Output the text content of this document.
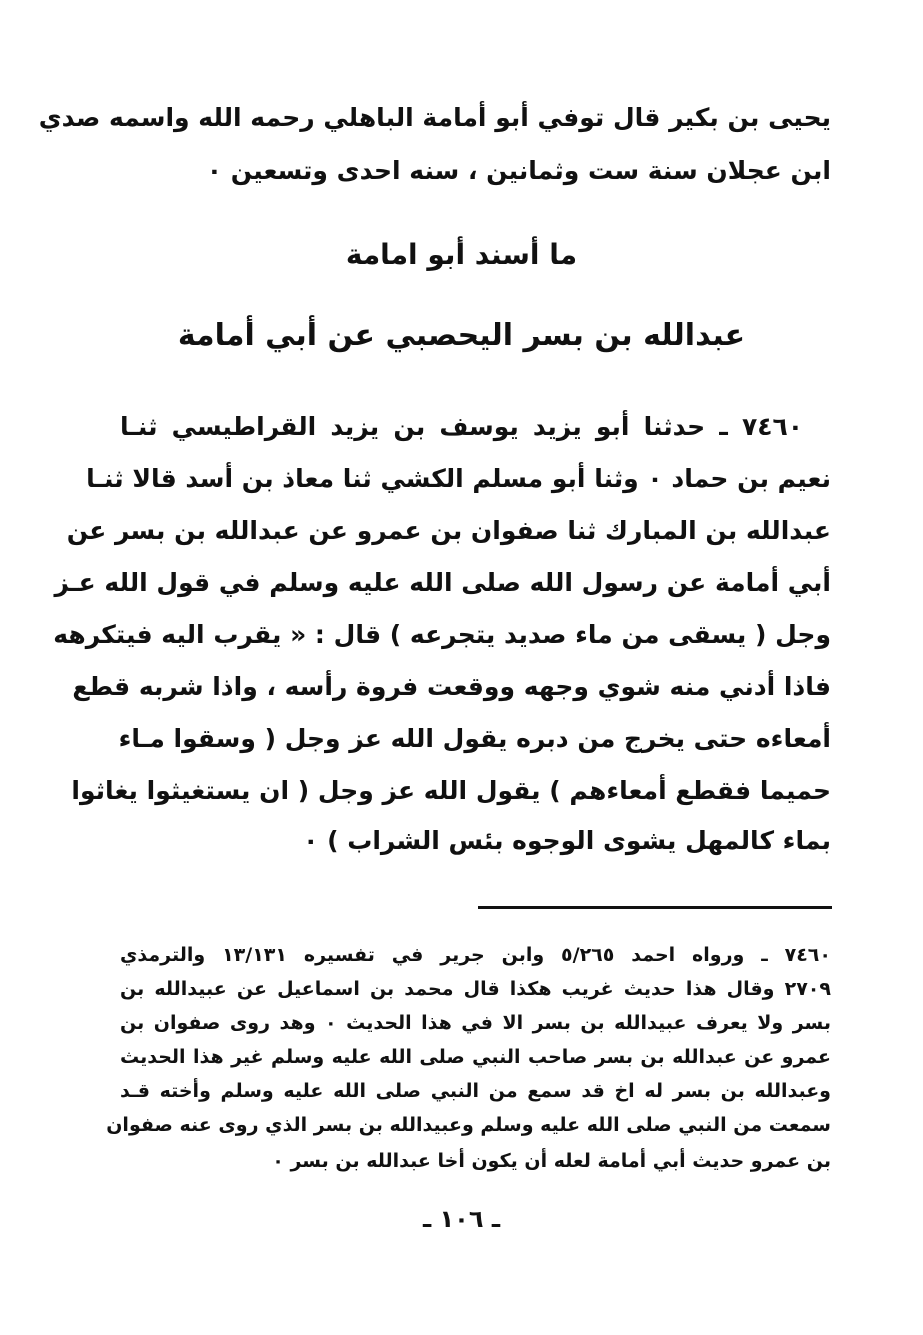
يحيى بن بكير قال توفي أبو أمامة الباهلي رحمه الله واسمه صدي
ابن عجلان سنة ست وثمانين ، سنه احدى وتسعين ٠
ما أسند أبو امامة
عبدالله بن بسر اليحصبي عن أبي أمامة
٧٤٦٠ ـ حدثنا أبو يزيد يوسف بن يزيد القراطيسي ثنـا
نعيم بن حماد ٠ وثنا أبو مسلم الكشي ثنا معاذ بن أسد قالا ثنـا
عبدالله بن المبارك ثنا صفوان بن عمرو عن عبدالله بن بسر عن
أبي أمامة عن رسول الله صلى الله عليه وسلم في قول الله عـز
وجل ( يسقى من ماء صديد يتجرعه ) قال : « يقرب اليه فيتكرهه
فاذا أدني منه شوي وجهه ووقعت فروة رأسه ، واذا شربه قطع
أمعاءه حتى يخرج من دبره يقول الله عز وجل ( وسقوا مـاء
حميما فقطع أمعاءهم ) يقول الله عز وجل ( ان يستغيثوا يغاثوا
بماء كالمهل يشوى الوجوه بئس الشراب ) ٠
٧٤٦٠ ـ ورواه احمد ٥/٢٦٥ وابن جرير في تفسيره ١٣/١٣١ والترمذي
٢٧٠٩ وقال هذا حديث غريب هكذا قال محمد بن اسماعيل عن عبيدالله بن
بسر ولا يعرف عبيدالله بن بسر الا في هذا الحديث ٠ وهد روى صفوان بن
عمرو عن عبدالله بن بسر صاحب النبي صلى الله عليه وسلم غير هذا الحديث
وعبدالله بن بسر له اخ قد سمع من النبي صلى الله عليه وسلم وأخته قـد
سمعت من النبي صلى الله عليه وسلم وعبيدالله بن بسر الذي روى عنه صفوان
بن عمرو حديث أبي أمامة لعله أن يكون أخا عبدالله بن بسر ٠
ـ ١٠٦ ـ
